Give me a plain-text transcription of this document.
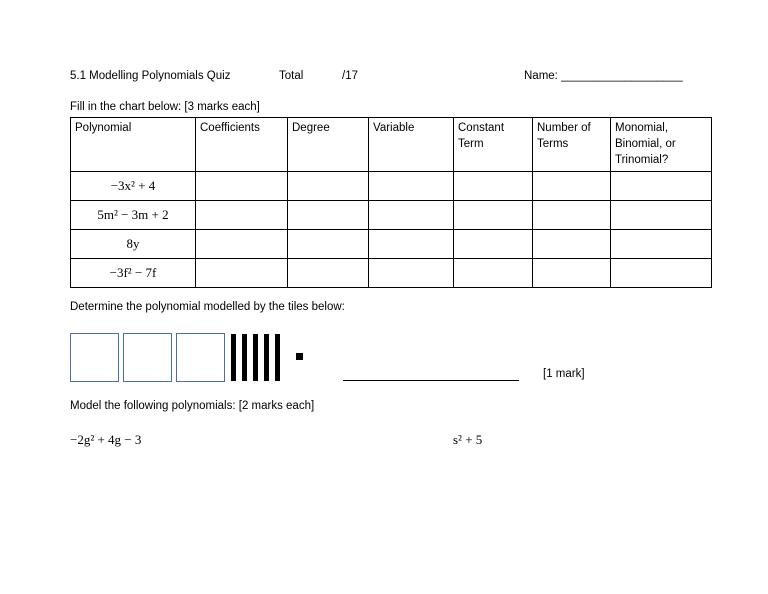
5.1 Modelling Polynomials Quiz	Total	/17	Name: ___________________
Fill in the chart below: [3 marks each]
Polynomial	Coefficients	Degree	Variable	Constant Term	Number of Terms	Monomial, Binomial, or Trinomial?
−3x² + 4						
5m² − 3m + 2						
8y						
−3f² − 7f						
Determine the polynomial modelled by the tiles below:
[1 mark]
Model the following polynomials: [2 marks each]
−2g² + 4g − 3	s² + 5
